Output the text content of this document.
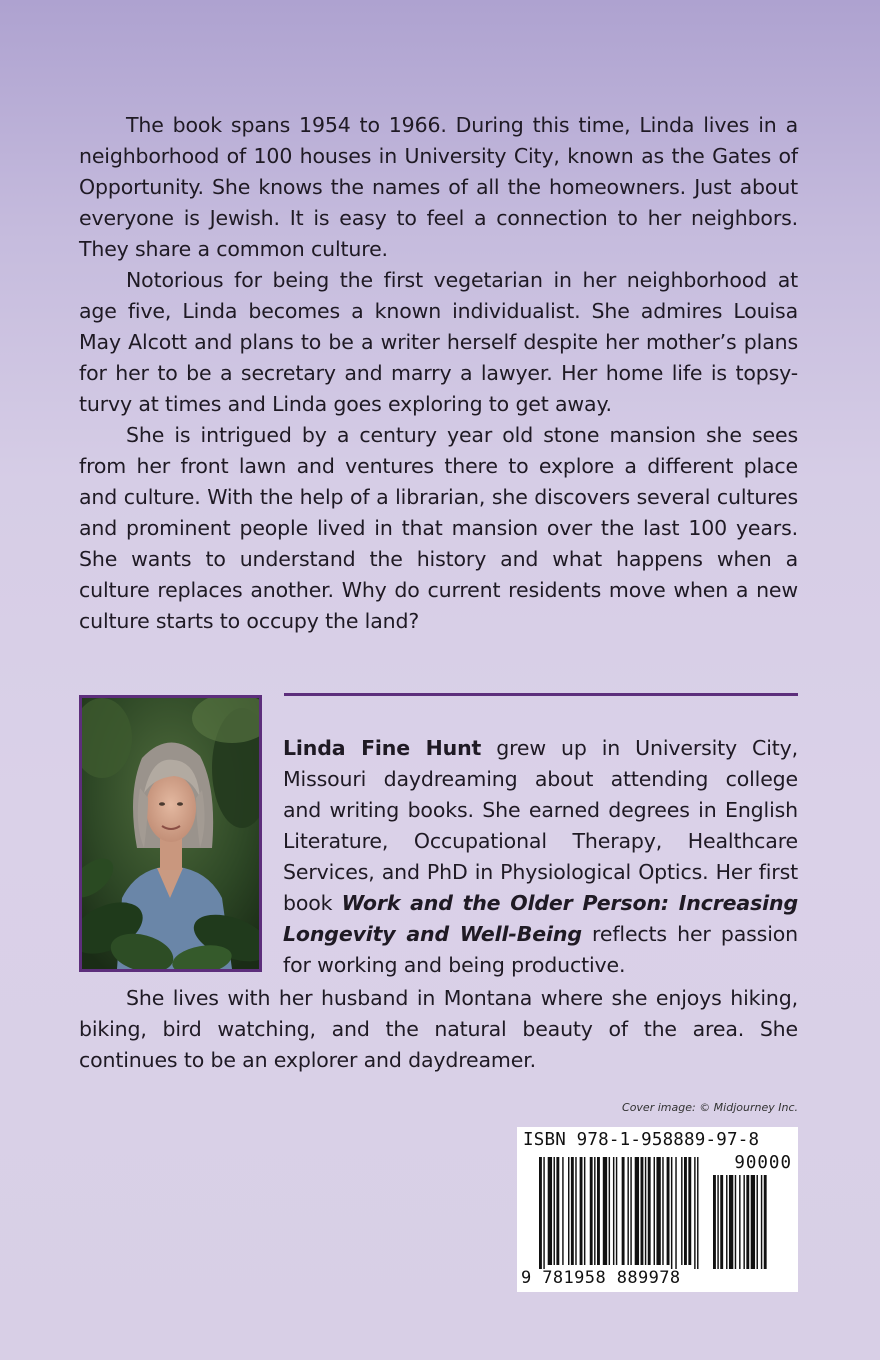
The book spans 1954 to 1966. During this time, Linda lives in a neighborhood of 100 houses in University City, known as the Gates of Opportunity. She knows the names of all the homeowners. Just about everyone is Jewish. It is easy to feel a connection to her neighbors. They share a common culture.

Notorious for being the first vegetarian in her neighborhood at age five, Linda becomes a known individualist. She admires Louisa May Alcott and plans to be a writer herself despite her mother’s plans for her to be a secretary and marry a lawyer. Her home life is topsy-turvy at times and Linda goes exploring to get away.

She is intrigued by a century year old stone mansion she sees from her front lawn and ventures there to explore a different place and culture. With the help of a librarian, she discovers several cultures and prominent people lived in that mansion over the last 100 years. She wants to understand the history and what happens when a culture replaces another. Why do current residents move when a new culture starts to occupy the land?

Linda Fine Hunt grew up in University City, Missouri daydreaming about attending college and writing books. She earned degrees in English Literature, Occupational Therapy, Healthcare Services, and PhD in Physiological Optics. Her first book Work and the Older Person: Increasing Longevity and Well-Being reflects her passion for working and being productive.

She lives with her husband in Montana where she enjoys hiking, biking, bird watching, and the natural beauty of the area. She continues to be an explorer and daydreamer.

Cover image: © Midjourney Inc.
ISBN 978-1-958889-97-8
90000
9 781958 889978
